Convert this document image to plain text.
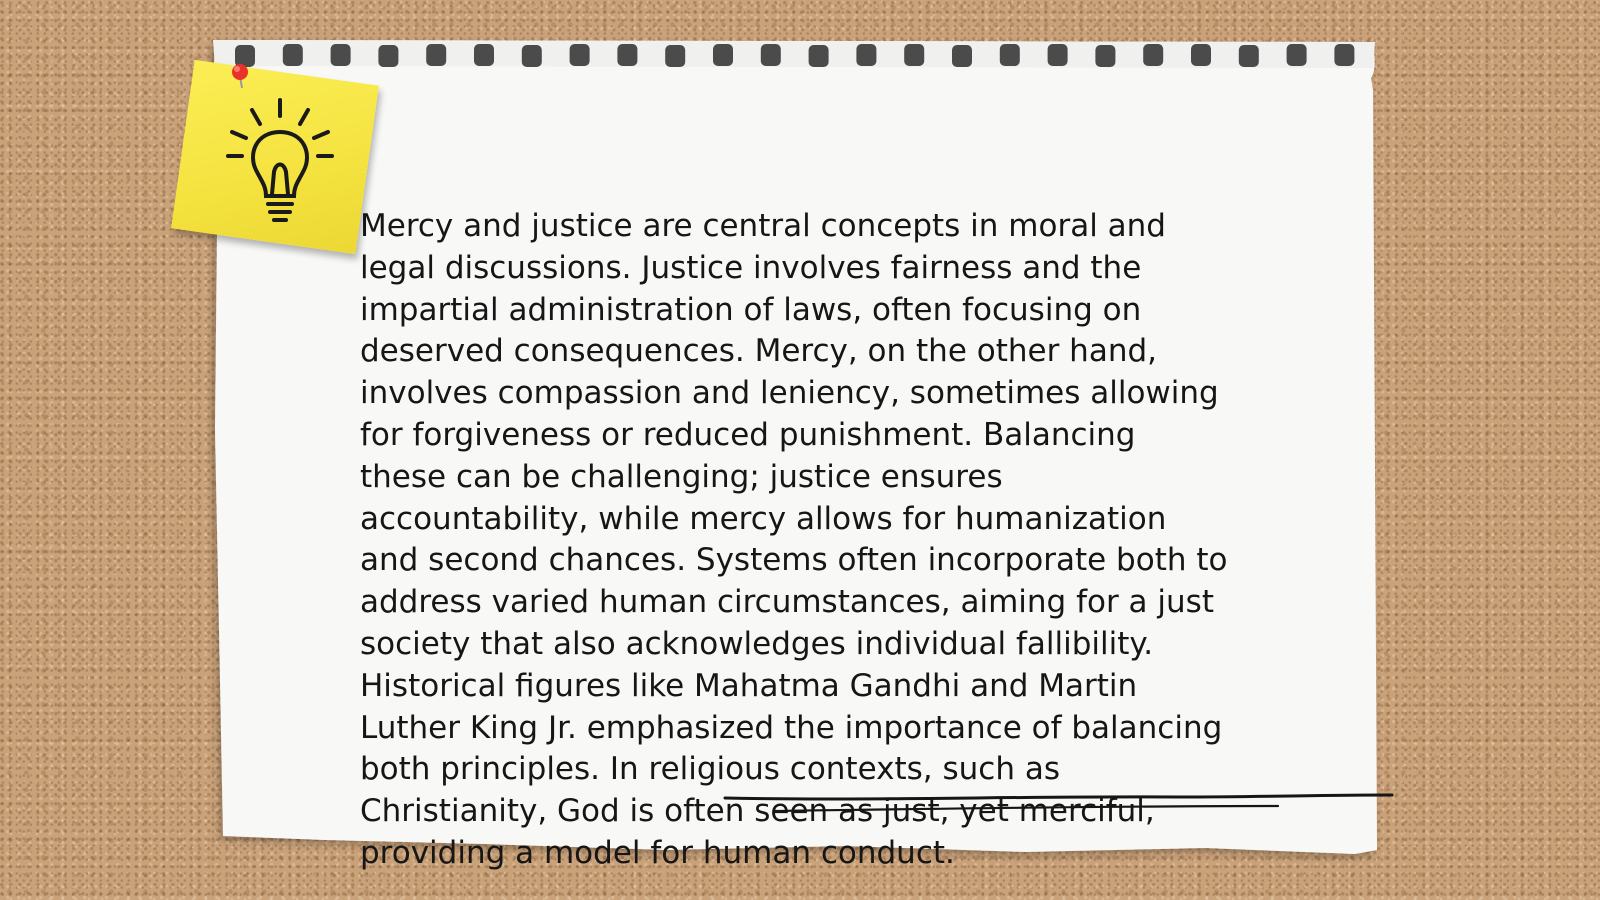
Mercy and justice are central concepts in moral and legal discussions. Justice involves fairness and the impartial administration of laws, often focusing on deserved consequences. Mercy, on the other hand, involves compassion and leniency, sometimes allowing for forgiveness or reduced punishment. Balancing these can be challenging; justice ensures accountability, while mercy allows for humanization and second chances. Systems often incorporate both to address varied human circumstances, aiming for a just society that also acknowledges individual fallibility. Historical figures like Mahatma Gandhi and Martin Luther King Jr. emphasized the importance of balancing both principles. In religious contexts, such as Christianity, God is often seen as just, yet merciful, providing a model for human conduct.
